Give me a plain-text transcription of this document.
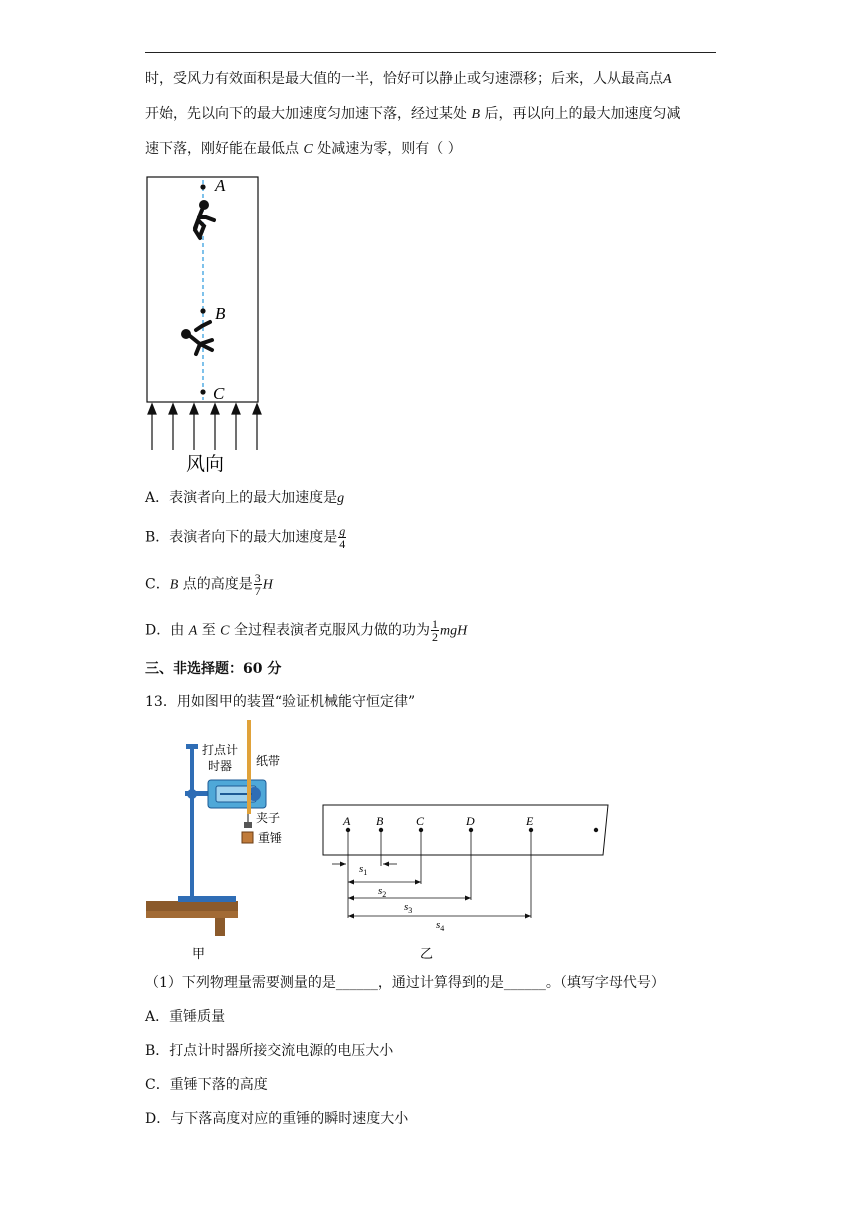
时，受风力有效面积是最大值的一半，恰好可以静止或匀速漂移；后来，人从最高点A
开始，先以向下的最大加速度匀加速下落，经过某处 B 后，再以向上的最大加速度匀减
速下落，刚好能在最低点 C 处减速为零，则有（ ）
A
B
C
风向
A．表演者向上的最大加速度是g
B．表演者向下的最大加速度是 $\frac{g}{4}$
C．B 点的高度是 $\frac{3}{7}$ H
D．由 A 至 C 全过程表演者克服风力做的功为 $\frac{1}{2}$ mgH
三、非选择题：60 分
13．用如图甲的装置“验证机械能守恒定律”
打点计
时器 纸带
夹子
重锤
甲
A B	C	D	E
$s_1$
$s_2$
$s_3$
$s_4$
乙
（1）下列物理量需要测量的是______，通过计算得到的是______。（填写字母代号）
A．重锤质量
B．打点计时器所接交流电源的电压大小
C．重锤下落的高度
D．与下落高度对应的重锤的瞬时速度大小
